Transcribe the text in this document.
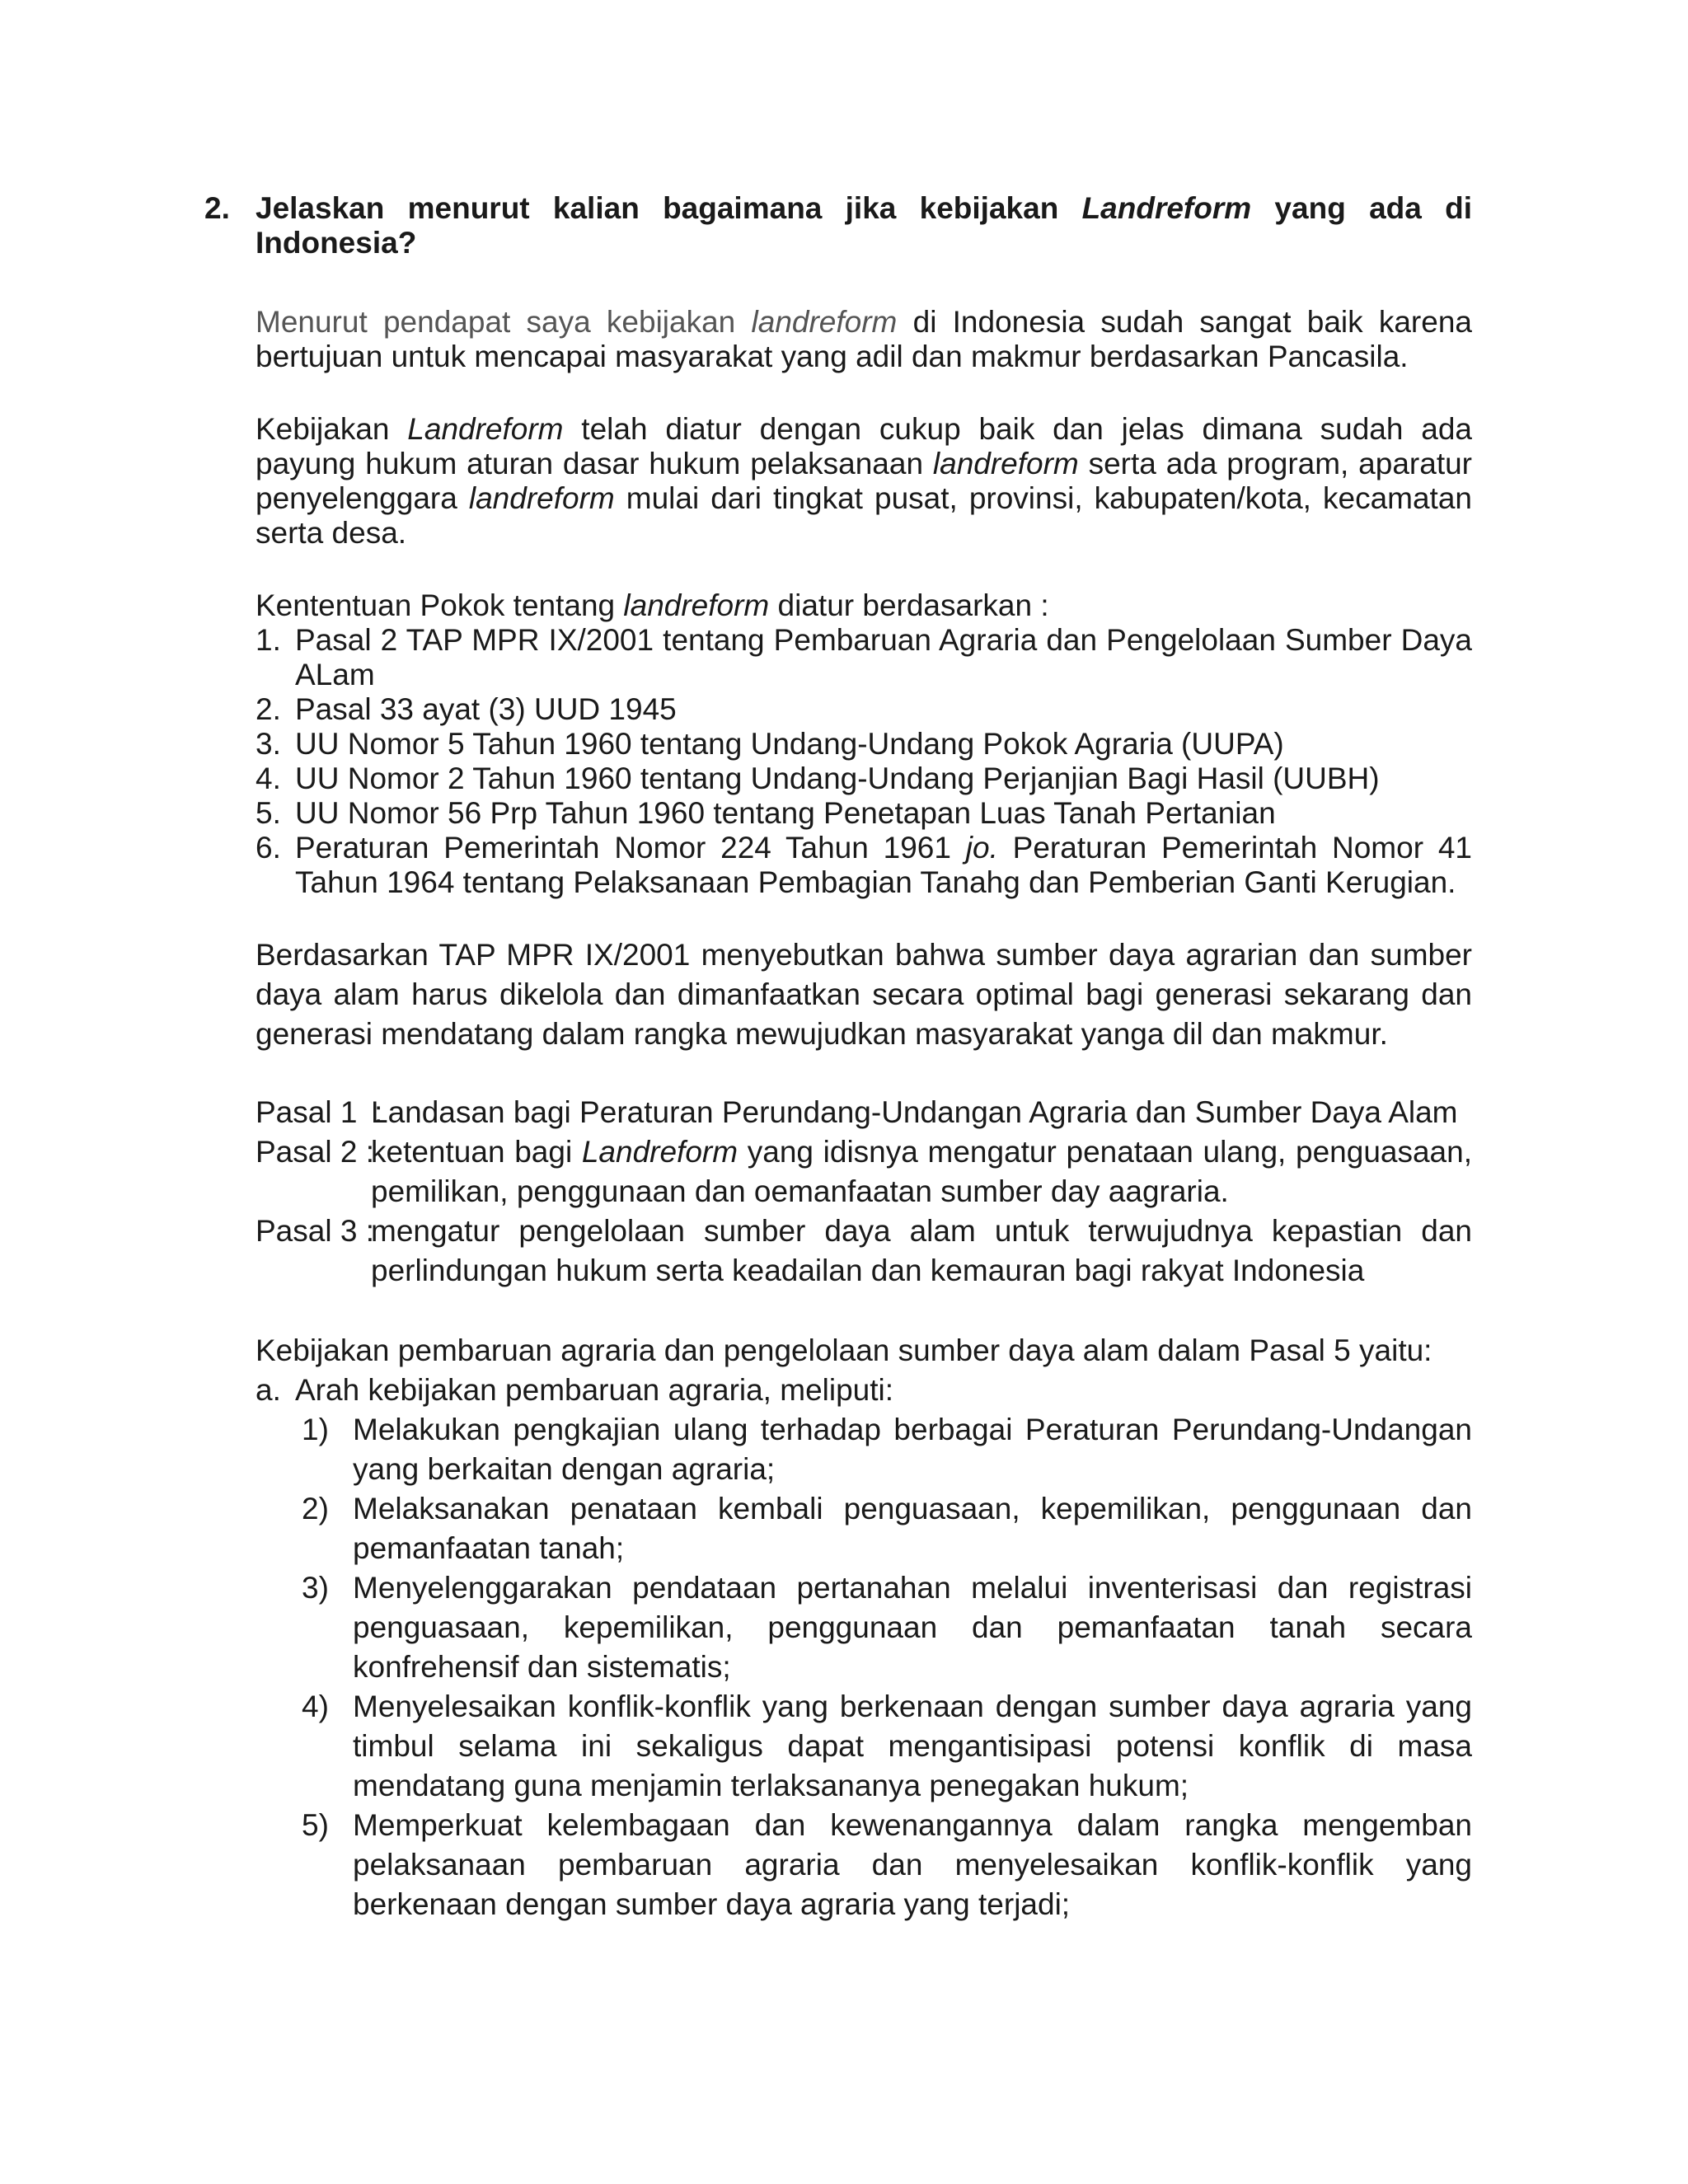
2. Jelaskan menurut kalian bagaimana jika kebijakan Landreform yang ada di Indonesia?
Menurut pendapat saya kebijakan landreform di Indonesia sudah sangat baik karena bertujuan untuk mencapai masyarakat yang adil dan makmur berdasarkan Pancasila.
Kebijakan Landreform telah diatur dengan cukup baik dan jelas dimana sudah ada payung hukum aturan dasar hukum pelaksanaan landreform serta ada program, aparatur penyelenggara landreform mulai dari tingkat pusat, provinsi, kabupaten/kota, kecamatan serta desa.
Kententuan Pokok tentang landreform diatur berdasarkan :
1. Pasal 2 TAP MPR IX/2001 tentang Pembaruan Agraria dan Pengelolaan Sumber Daya ALam
2. Pasal 33 ayat (3) UUD 1945
3. UU Nomor 5 Tahun 1960 tentang Undang-Undang Pokok Agraria (UUPA)
4. UU Nomor 2 Tahun 1960 tentang Undang-Undang Perjanjian Bagi Hasil (UUBH)
5. UU Nomor 56 Prp Tahun 1960 tentang Penetapan Luas Tanah Pertanian
6. Peraturan Pemerintah Nomor 224 Tahun 1961 jo. Peraturan Pemerintah Nomor 41 Tahun 1964 tentang Pelaksanaan Pembagian Tanahg dan Pemberian Ganti Kerugian.
Berdasarkan TAP MPR IX/2001 menyebutkan bahwa sumber daya agrarian dan sumber daya alam harus dikelola dan dimanfaatkan secara optimal bagi generasi sekarang dan generasi mendatang dalam rangka mewujudkan masyarakat yanga dil dan makmur.
Pasal 1  :
Landasan bagi Peraturan Perundang-Undangan Agraria dan Sumber Daya Alam
Pasal 2 :
ketentuan bagi Landreform yang idisnya mengatur penataan ulang, penguasaan, pemilikan, penggunaan dan oemanfaatan sumber day aagraria.
Pasal 3 :
mengatur pengelolaan sumber daya alam untuk terwujudnya kepastian dan perlindungan hukum serta keadailan dan kemauran bagi rakyat Indonesia
Kebijakan pembaruan agraria dan pengelolaan sumber daya alam dalam Pasal 5 yaitu:
a. Arah kebijakan pembaruan agraria, meliputi:
1) Melakukan pengkajian ulang terhadap berbagai Peraturan Perundang-Undangan yang berkaitan dengan agraria;
2) Melaksanakan penataan kembali penguasaan, kepemilikan, penggunaan dan pemanfaatan tanah;
3) Menyelenggarakan pendataan pertanahan melalui inventerisasi dan registrasi penguasaan, kepemilikan, penggunaan dan pemanfaatan tanah secara konfrehensif dan sistematis;
4) Menyelesaikan konflik-konflik yang berkenaan dengan sumber daya agraria yang timbul selama ini sekaligus dapat mengantisipasi potensi konflik di masa mendatang guna menjamin terlaksananya penegakan hukum;
5) Memperkuat kelembagaan dan kewenangannya dalam rangka mengemban pelaksanaan pembaruan agraria dan menyelesaikan konflik-konflik yang berkenaan dengan sumber daya agraria yang terjadi;
